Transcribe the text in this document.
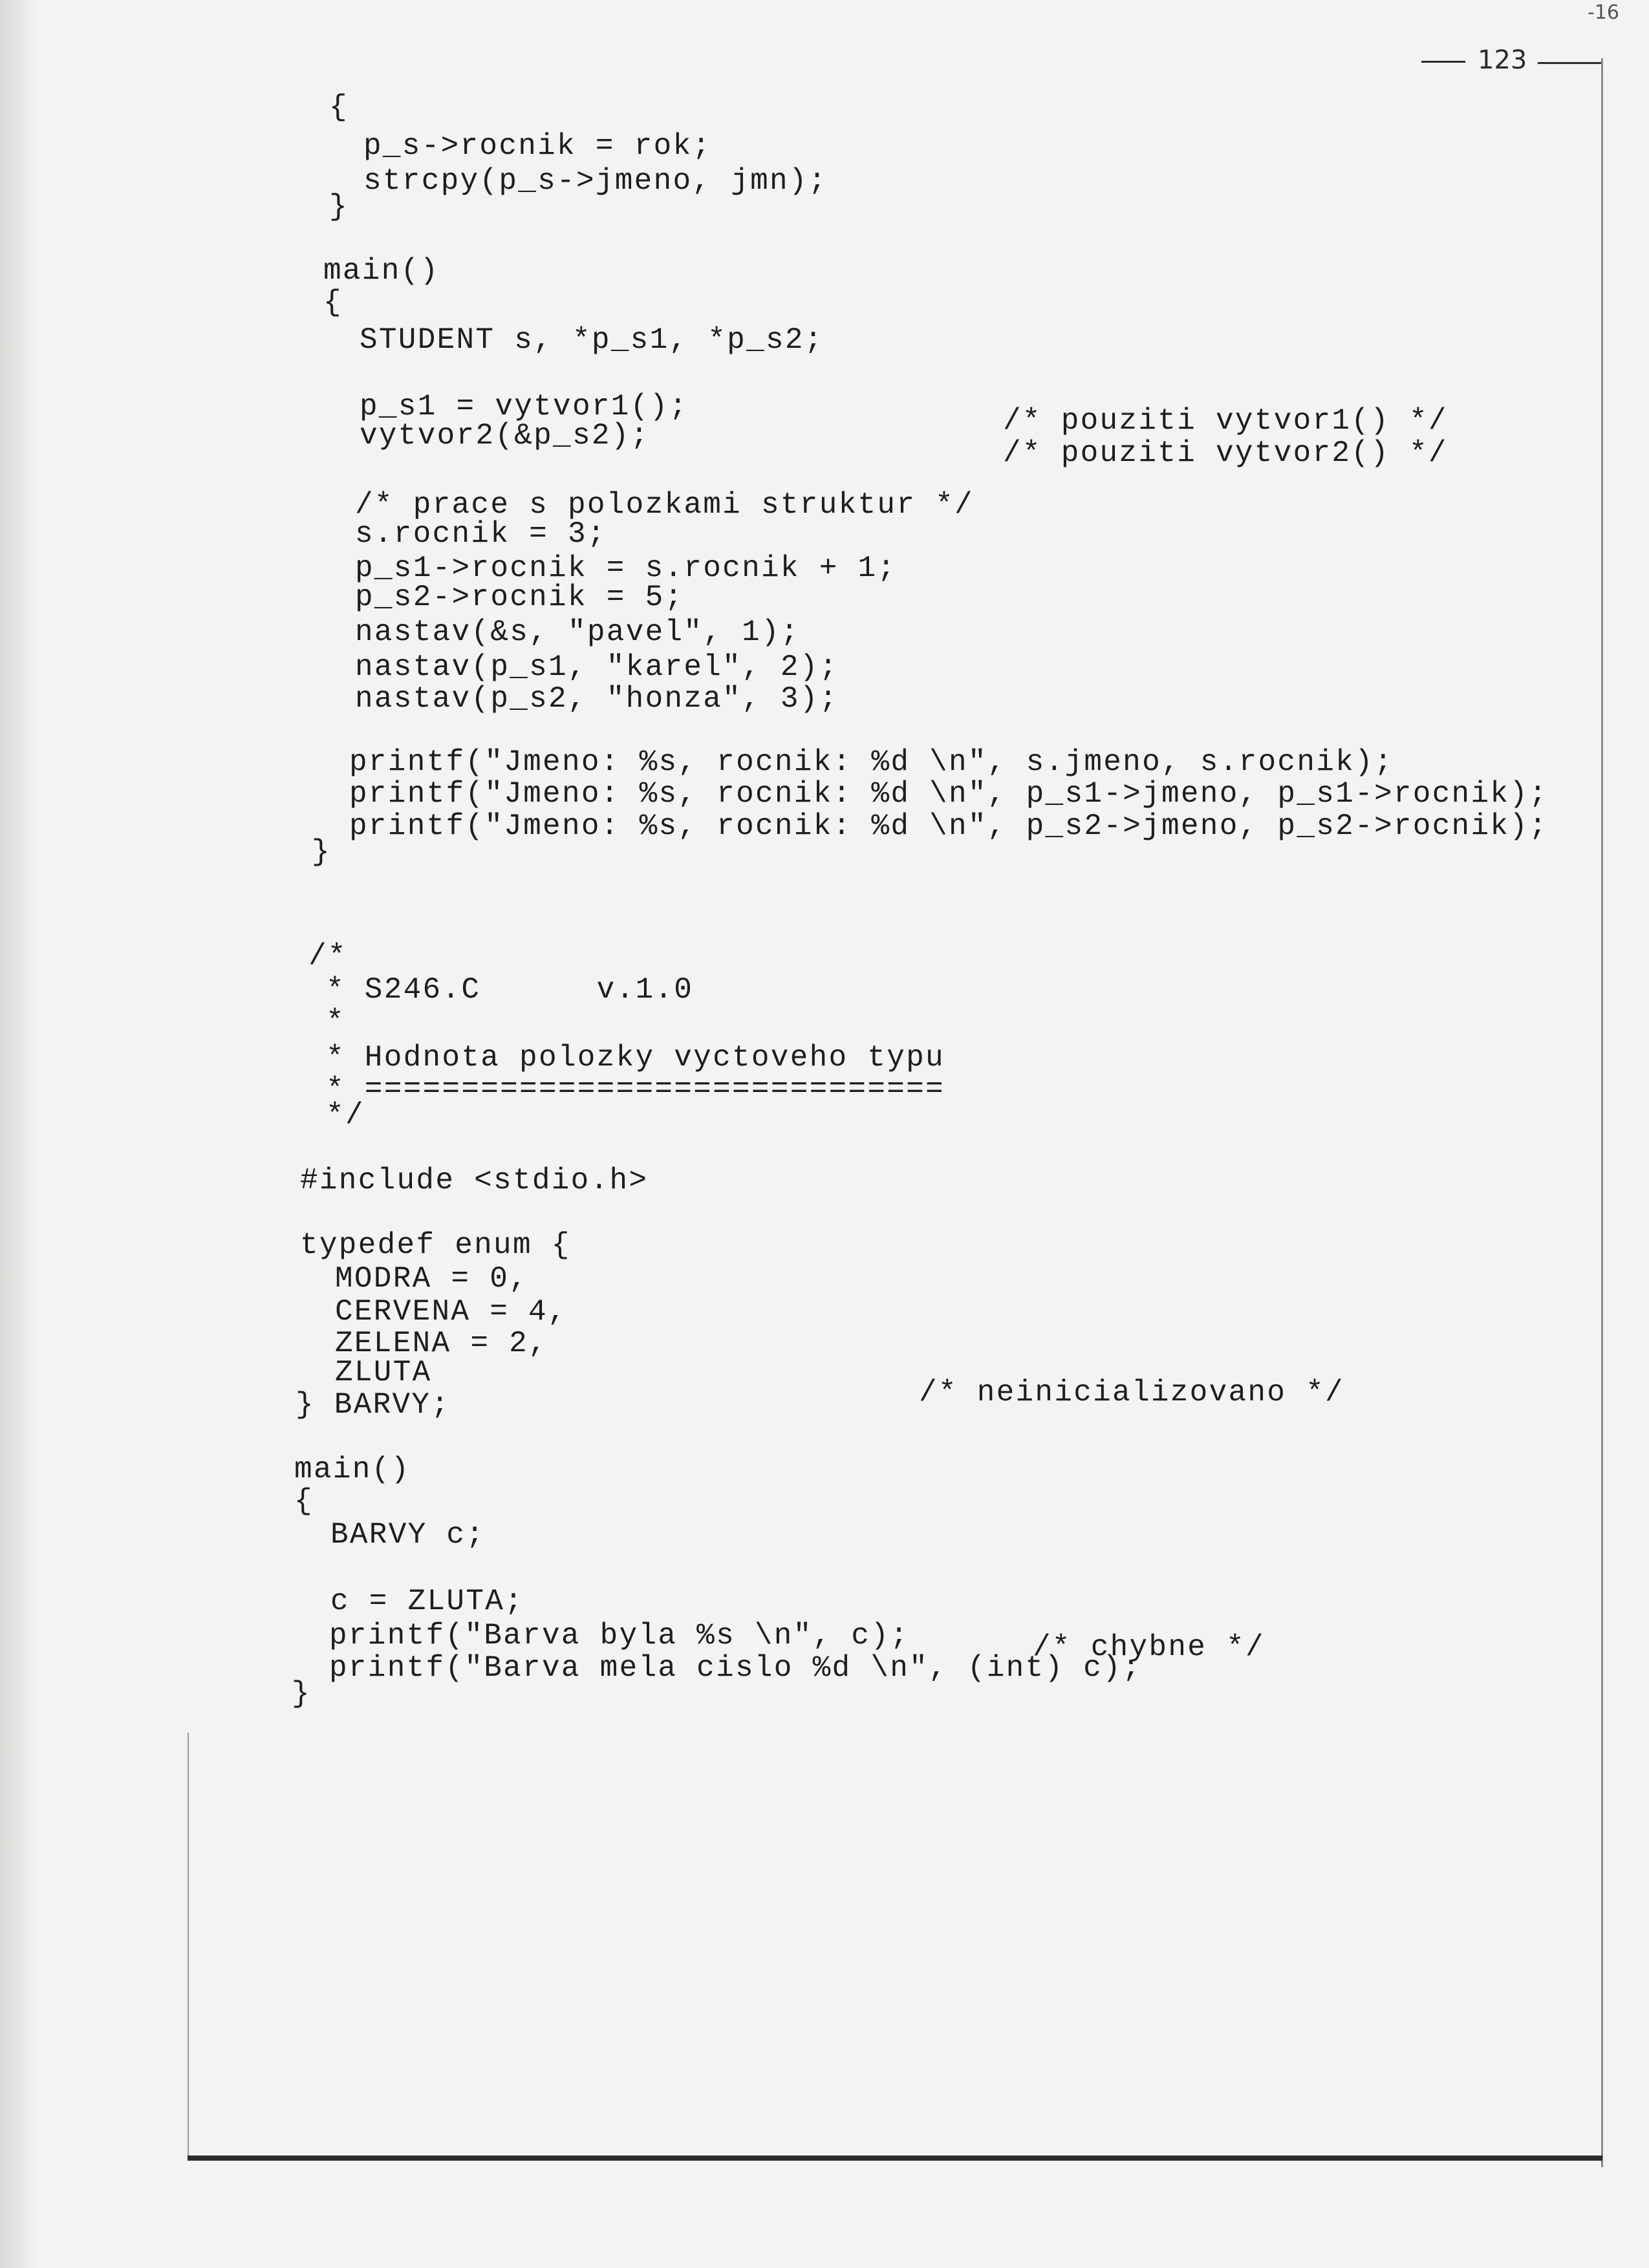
-16
123
{
p_s->rocnik = rok;
strcpy(p_s->jmeno, jmn);
}
main()
{
STUDENT s, *p_s1, *p_s2;
p_s1 = vytvor1();	/* pouziti vytvor1() */
vytvor2(&p_s2);
/* pouziti vytvor2() */
/* prace s polozkami struktur */
s.rocnik = 3;
p_s1->rocnik = s.rocnik + 1;
p_s2->rocnik = 5;
nastav(&s, "pavel", 1);
nastav(p_s1, "karel", 2);
nastav(p_s2, "honza", 3);
printf("Jmeno: %s, rocnik: %d \n", s.jmeno, s.rocnik);
printf("Jmeno: %s, rocnik: %d \n", p_s1->jmeno, p_s1->rocnik);
printf("Jmeno: %s, rocnik: %d \n", p_s2->jmeno, p_s2->rocnik);
}
/*
* S246.C      v.1.0
*
* Hodnota polozky vyctoveho typu
* ==============================
*/
#include <stdio.h>
typedef enum {
MODRA = 0,
CERVENA = 4,
ZELENA = 2,
ZLUTA
/* neinicializovano */
} BARVY;
main()
{
BARVY c;
c = ZLUTA;
printf("Barva byla %s \n", c);	/* chybne */
printf("Barva mela cislo %d \n", (int) c);
}
